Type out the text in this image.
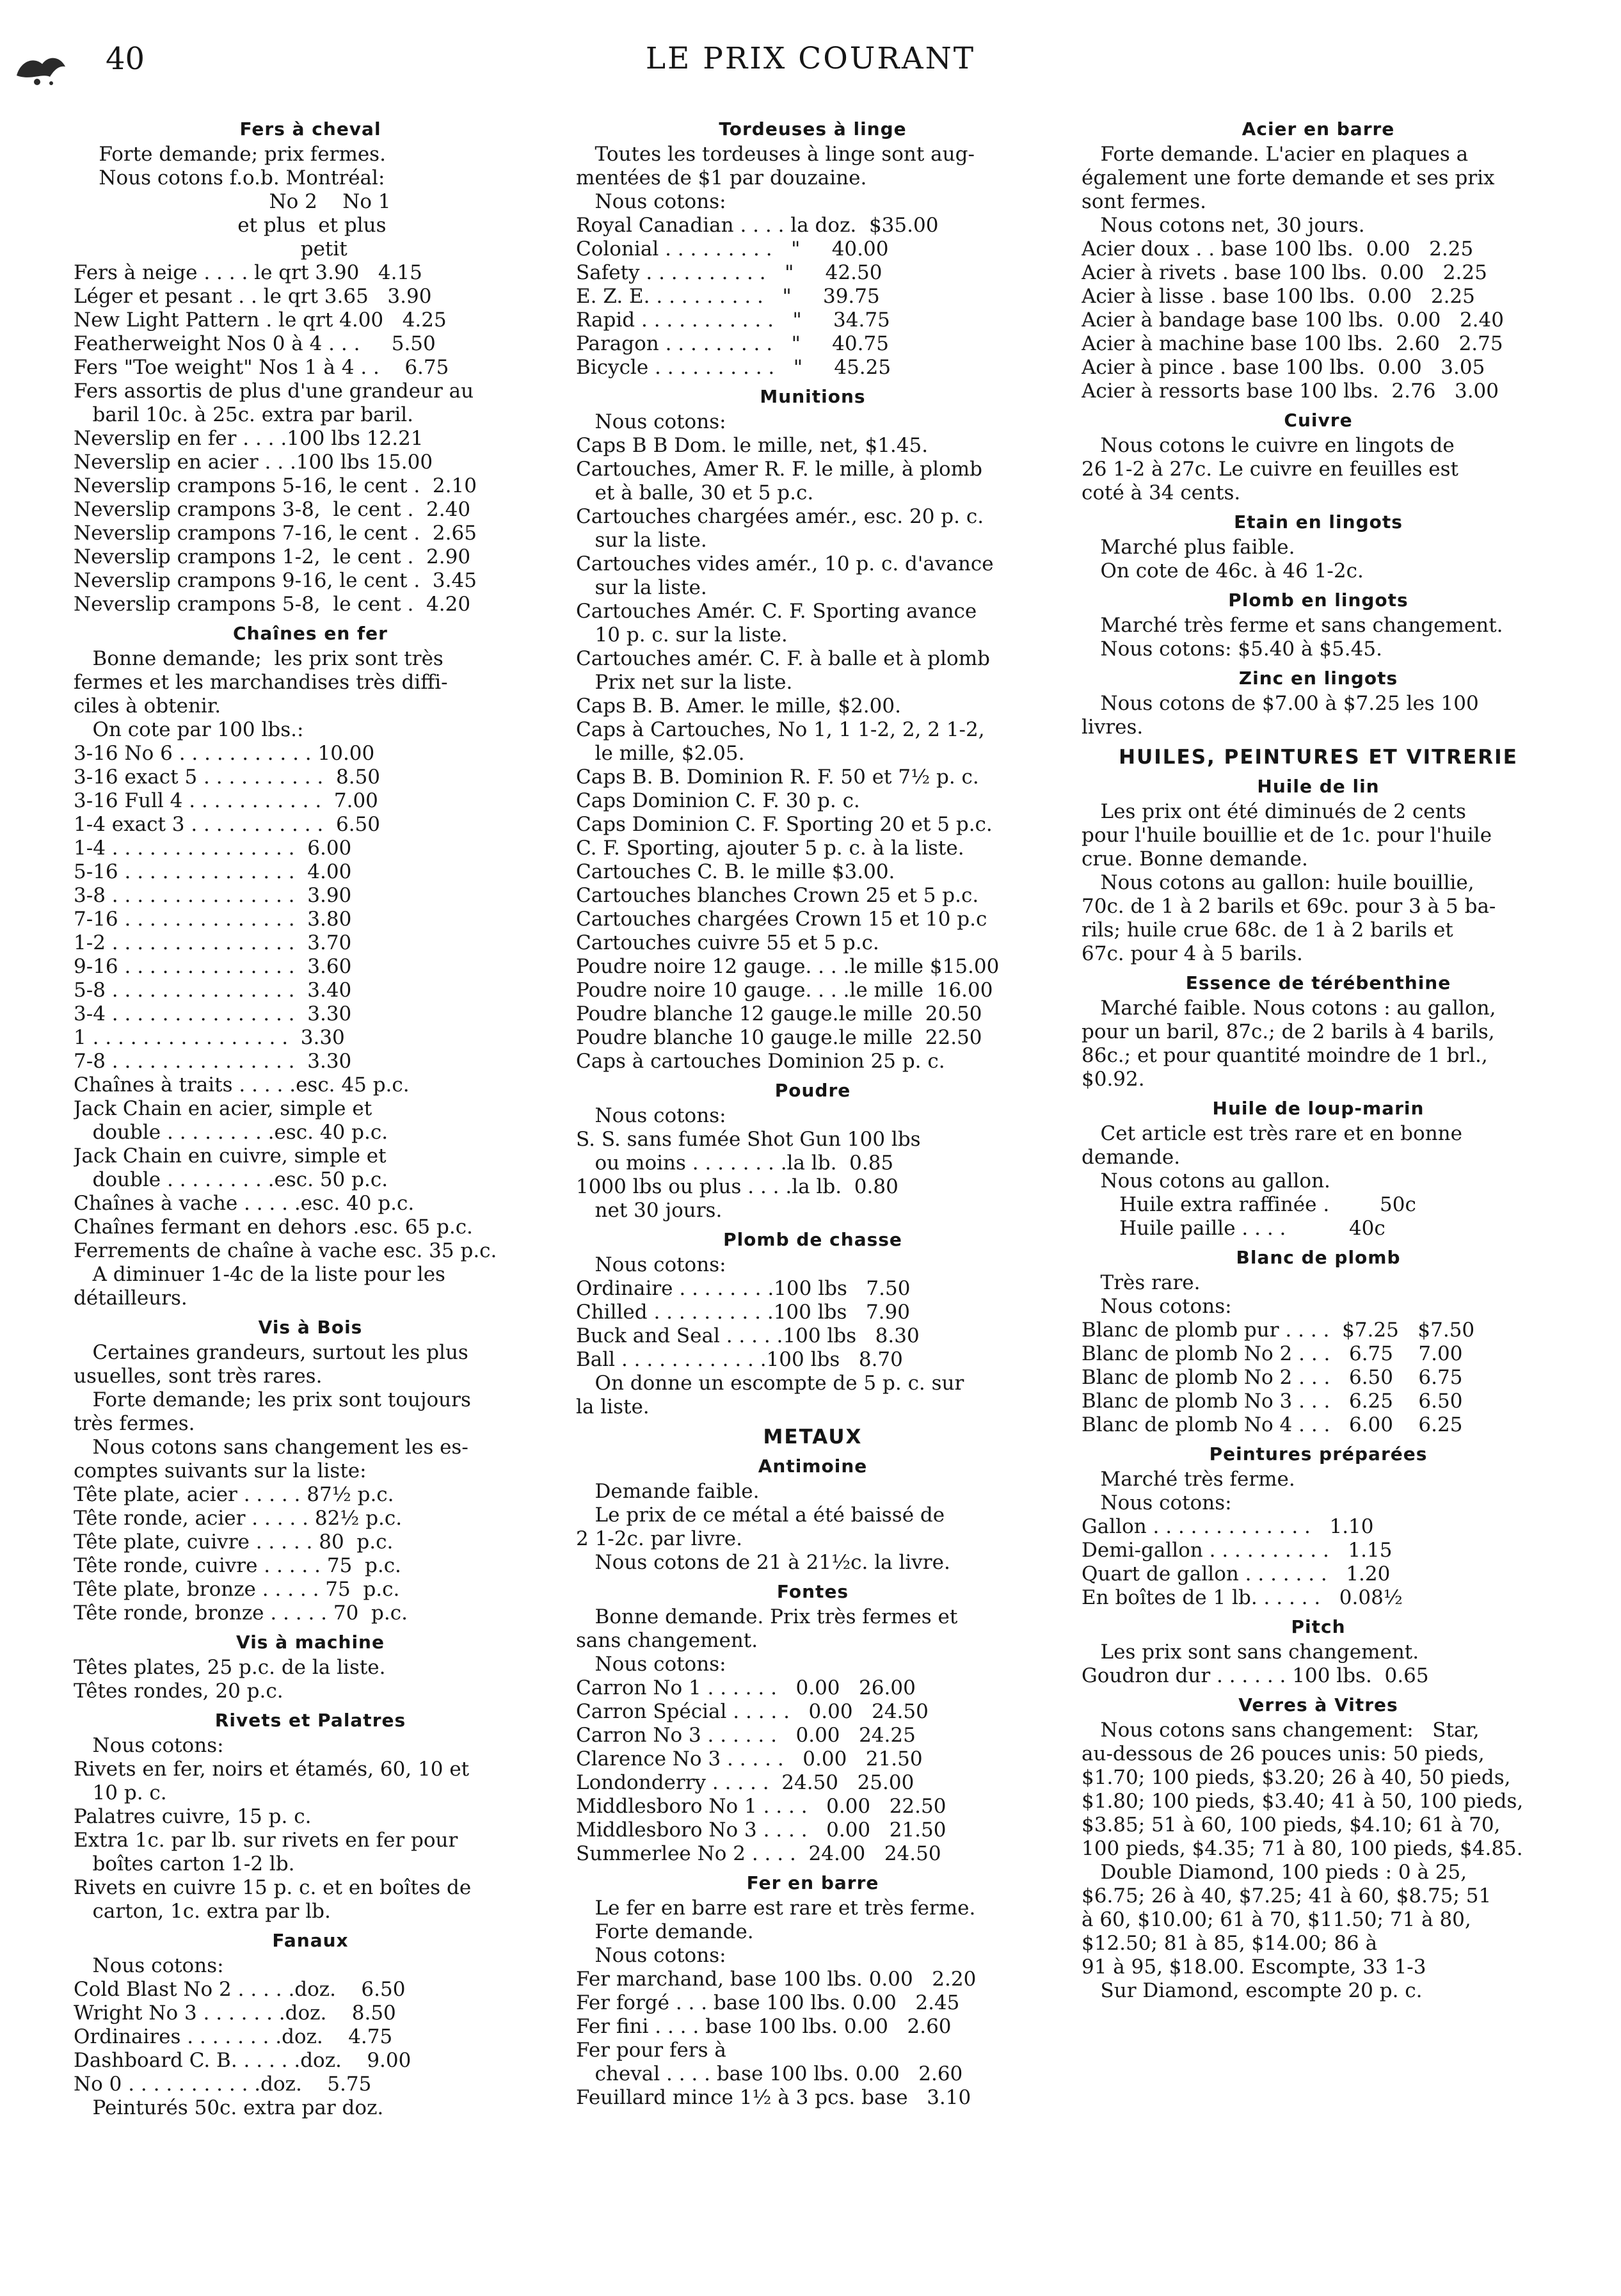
40	LE PRIX COURANT
Fers à cheval
Forte demande; prix fermes.
Nous cotons f.o.b. Montréal:
No 2    No 1
et plus  et plus
petit
Fers à neige . . . . le qrt 3.90   4.15
Léger et pesant . . le qrt 3.65   3.90
New Light Pattern . le qrt 4.00   4.25
Featherweight Nos 0 à 4 . . .     5.50
Fers "Toe weight" Nos 1 à 4 . .    6.75
Fers assortis de plus d'une grandeur au
baril 10c. à 25c. extra par baril.
Neverslip en fer . . . .100 lbs 12.21
Neverslip en acier . . .100 lbs 15.00
Neverslip crampons 5-16, le cent .  2.10
Neverslip crampons 3-8,  le cent .  2.40
Neverslip crampons 7-16, le cent .  2.65
Neverslip crampons 1-2,  le cent .  2.90
Neverslip crampons 9-16, le cent .  3.45
Neverslip crampons 5-8,  le cent .  4.20
Chaînes en fer
Bonne demande;  les prix sont très
fermes et les marchandises très diffi-
ciles à obtenir.
On cote par 100 lbs.:
3-16 No 6 . . . . . . . . . . . 10.00
3-16 exact 5 . . . . . . . . . .  8.50
3-16 Full 4 . . . . . . . . . . .  7.00
1-4 exact 3 . . . . . . . . . . .  6.50
1-4 . . . . . . . . . . . . . . .  6.00
5-16 . . . . . . . . . . . . . .  4.00
3-8 . . . . . . . . . . . . . . .  3.90
7-16 . . . . . . . . . . . . . .  3.80
1-2 . . . . . . . . . . . . . . .  3.70
9-16 . . . . . . . . . . . . . .  3.60
5-8 . . . . . . . . . . . . . . .  3.40
3-4 . . . . . . . . . . . . . . .  3.30
1 . . . . . . . . . . . . . . . .  3.30
7-8 . . . . . . . . . . . . . . .  3.30
Chaînes à traits . . . . .esc. 45 p.c.
Jack Chain en acier, simple et
double . . . . . . . . .esc. 40 p.c.
Jack Chain en cuivre, simple et
double . . . . . . . . .esc. 50 p.c.
Chaînes à vache . . . . .esc. 40 p.c.
Chaînes fermant en dehors .esc. 65 p.c.
Ferrements de chaîne à vache esc. 35 p.c.
A diminuer 1-4c de la liste pour les
détailleurs.
Vis à Bois
Certaines grandeurs, surtout les plus
usuelles, sont très rares.
Forte demande; les prix sont toujours
très fermes.
Nous cotons sans changement les es-
comptes suivants sur la liste:
Tête plate, acier . . . . . 87½ p.c.
Tête ronde, acier . . . . . 82½ p.c.
Tête plate, cuivre . . . . . 80  p.c.
Tête ronde, cuivre . . . . . 75  p.c.
Tête plate, bronze . . . . . 75  p.c.
Tête ronde, bronze . . . . . 70  p.c.
Vis à machine
Têtes plates, 25 p.c. de la liste.
Têtes rondes, 20 p.c.
Rivets et Palatres
Nous cotons:
Rivets en fer, noirs et étamés, 60, 10 et
10 p. c.
Palatres cuivre, 15 p. c.
Extra 1c. par lb. sur rivets en fer pour
boîtes carton 1-2 lb.
Rivets en cuivre 15 p. c. et en boîtes de
carton, 1c. extra par lb.
Fanaux
Nous cotons:
Cold Blast No 2 . . . . .doz.    6.50
Wright No 3 . . . . . . .doz.    8.50
Ordinaires . . . . . . . .doz.    4.75
Dashboard C. B. . . . . .doz.    9.00
No 0 . . . . . . . . . . .doz.    5.75
Peinturés 50c. extra par doz.
Tordeuses à linge
Toutes les tordeuses à linge sont aug-
mentées de $1 par douzaine.
Nous cotons:
Royal Canadian . . . . la doz.  $35.00
Colonial . . . . . . . . .   "     40.00
Safety . . . . . . . . . .   "     42.50
E. Z. E. . . . . . . . . .   "     39.75
Rapid . . . . . . . . . . .   "     34.75
Paragon . . . . . . . . .   "     40.75
Bicycle . . . . . . . . . .   "     45.25
Munitions
Nous cotons:
Caps B B Dom. le mille, net, $1.45.
Cartouches, Amer R. F. le mille, à plomb
et à balle, 30 et 5 p.c.
Cartouches chargées amér., esc. 20 p. c.
sur la liste.
Cartouches vides amér., 10 p. c. d'avance
sur la liste.
Cartouches Amér. C. F. Sporting avance
10 p. c. sur la liste.
Cartouches amér. C. F. à balle et à plomb
Prix net sur la liste.
Caps B. B. Amer. le mille, $2.00.
Caps à Cartouches, No 1, 1 1-2, 2, 2 1-2,
le mille, $2.05.
Caps B. B. Dominion R. F. 50 et 7½ p. c.
Caps Dominion C. F. 30 p. c.
Caps Dominion C. F. Sporting 20 et 5 p.c.
C. F. Sporting, ajouter 5 p. c. à la liste.
Cartouches C. B. le mille $3.00.
Cartouches blanches Crown 25 et 5 p.c.
Cartouches chargées Crown 15 et 10 p.c
Cartouches cuivre 55 et 5 p.c.
Poudre noire 12 gauge. . . .le mille $15.00
Poudre noire 10 gauge. . . .le mille  16.00
Poudre blanche 12 gauge.le mille  20.50
Poudre blanche 10 gauge.le mille  22.50
Caps à cartouches Dominion 25 p. c.
Poudre
Nous cotons:
S. S. sans fumée Shot Gun 100 lbs
ou moins . . . . . . . .la lb.  0.85
1000 lbs ou plus . . . .la lb.  0.80
net 30 jours.
Plomb de chasse
Nous cotons:
Ordinaire . . . . . . . .100 lbs   7.50
Chilled . . . . . . . . . .100 lbs   7.90
Buck and Seal . . . . .100 lbs   8.30
Ball . . . . . . . . . . . .100 lbs   8.70
On donne un escompte de 5 p. c. sur
la liste.
METAUX
Antimoine
Demande faible.
Le prix de ce métal a été baissé de
2 1-2c. par livre.
Nous cotons de 21 à 21½c. la livre.
Fontes
Bonne demande. Prix très fermes et
sans changement.
Nous cotons:
Carron No 1 . . . . . .   0.00   26.00
Carron Spécial . . . . .   0.00   24.50
Carron No 3 . . . . . .   0.00   24.25
Clarence No 3 . . . . .   0.00   21.50
Londonderry . . . . .  24.50   25.00
Middlesboro No 1 . . . .   0.00   22.50
Middlesboro No 3 . . . .   0.00   21.50
Summerlee No 2 . . . .  24.00   24.50
Fer en barre
Le fer en barre est rare et très ferme.
Forte demande.
Nous cotons:
Fer marchand, base 100 lbs. 0.00   2.20
Fer forgé . . . base 100 lbs. 0.00   2.45
Fer fini . . . . base 100 lbs. 0.00   2.60
Fer pour fers à
cheval . . . . base 100 lbs. 0.00   2.60
Feuillard mince 1½ à 3 pcs. base   3.10
Acier en barre
Forte demande. L'acier en plaques a
également une forte demande et ses prix
sont fermes.
Nous cotons net, 30 jours.
Acier doux . . base 100 lbs.  0.00   2.25
Acier à rivets . base 100 lbs.  0.00   2.25
Acier à lisse . base 100 lbs.  0.00   2.25
Acier à bandage base 100 lbs.  0.00   2.40
Acier à machine base 100 lbs.  2.60   2.75
Acier à pince . base 100 lbs.  0.00   3.05
Acier à ressorts base 100 lbs.  2.76   3.00
Cuivre
Nous cotons le cuivre en lingots de
26 1-2 à 27c. Le cuivre en feuilles est
coté à 34 cents.
Etain en lingots
Marché plus faible.
On cote de 46c. à 46 1-2c.
Plomb en lingots
Marché très ferme et sans changement.
Nous cotons: $5.40 à $5.45.
Zinc en lingots
Nous cotons de $7.00 à $7.25 les 100
livres.
HUILES, PEINTURES ET VITRERIE
Huile de lin
Les prix ont été diminués de 2 cents
pour l'huile bouillie et de 1c. pour l'huile
crue. Bonne demande.
Nous cotons au gallon: huile bouillie,
70c. de 1 à 2 barils et 69c. pour 3 à 5 ba-
rils; huile crue 68c. de 1 à 2 barils et
67c. pour 4 à 5 barils.
Essence de térébenthine
Marché faible. Nous cotons : au gallon,
pour un baril, 87c.; de 2 barils à 4 barils,
86c.; et pour quantité moindre de 1 brl.,
$0.92.
Huile de loup-marin
Cet article est très rare et en bonne
demande.
Nous cotons au gallon.
Huile extra raffinée .        50c
Huile paille . . . .          40c
Blanc de plomb
Très rare.
Nous cotons:
Blanc de plomb pur . . . .  $7.25   $7.50
Blanc de plomb No 2 . . .   6.75    7.00
Blanc de plomb No 2 . . .   6.50    6.75
Blanc de plomb No 3 . . .   6.25    6.50
Blanc de plomb No 4 . . .   6.00    6.25
Peintures préparées
Marché très ferme.
Nous cotons:
Gallon . . . . . . . . . . . . .   1.10
Demi-gallon . . . . . . . . . .   1.15
Quart de gallon . . . . . . .   1.20
En boîtes de 1 lb. . . . . .   0.08½
Pitch
Les prix sont sans changement.
Goudron dur . . . . . . 100 lbs.  0.65
Verres à Vitres
Nous cotons sans changement:   Star,
au-dessous de 26 pouces unis: 50 pieds,
$1.70; 100 pieds, $3.20; 26 à 40, 50 pieds,
$1.80; 100 pieds, $3.40; 41 à 50, 100 pieds,
$3.85; 51 à 60, 100 pieds, $4.10; 61 à 70,
100 pieds, $4.35; 71 à 80, 100 pieds, $4.85.
Double Diamond, 100 pieds : 0 à 25,
$6.75; 26 à 40, $7.25; 41 à 60, $8.75; 51
à 60, $10.00; 61 à 70, $11.50; 71 à 80,
$12.50; 81 à 85, $14.00; 86 à
91 à 95, $18.00. Escompte, 33 1-3
Sur Diamond, escompte 20 p. c.
